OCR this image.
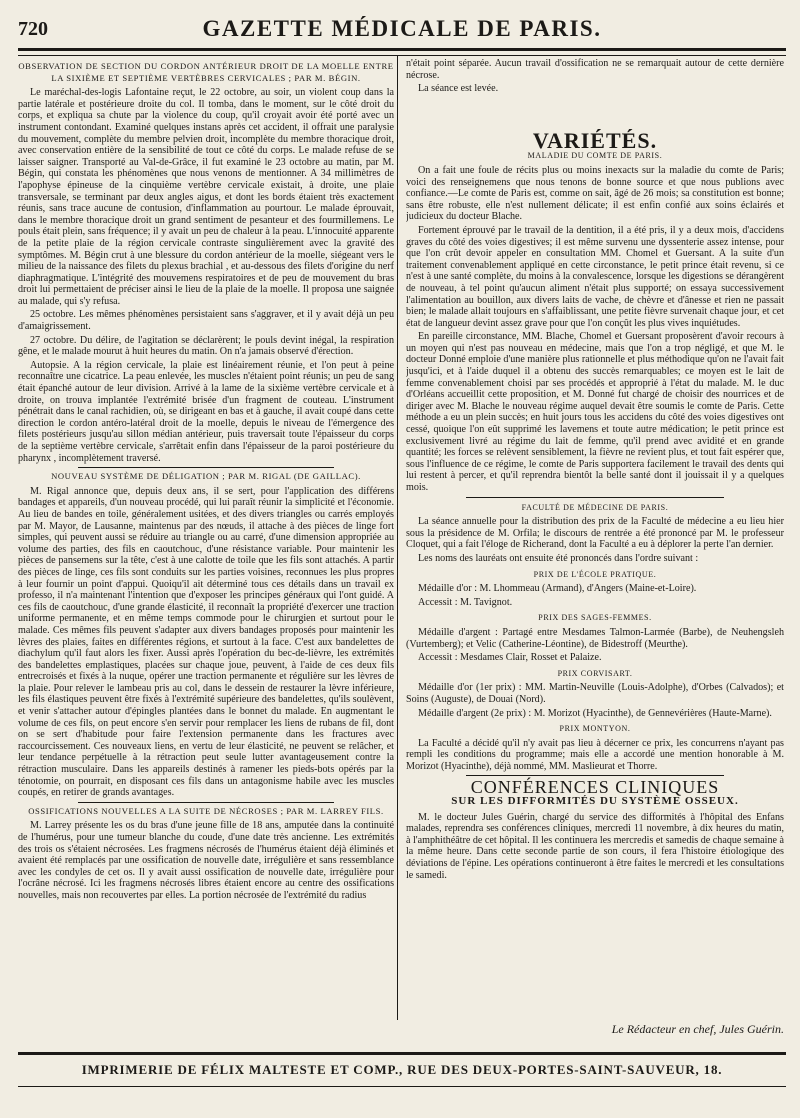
720	GAZETTE MÉDICALE DE PARIS.
OBSERVATION DE SECTION DU CORDON ANTÉRIEUR DROIT DE LA MOELLE ENTRE LA SIXIÈME ET SEPTIÈME VERTÈBRES CERVICALES ; PAR M. BÉGIN.

Le maréchal-des-logis Lafontaine reçut, le 22 octobre, au soir, un violent coup dans la partie latérale et postérieure droite du col. Il tomba, dans le moment, sur le côté droit du corps, et expliqua sa chute par la violence du coup, qu'il croyait avoir été porté avec un instrument contondant. Examiné quelques instans après cet accident, il offrait une paralysie du mouvement, complète du membre pelvien droit, incomplète du membre thoracique droit, avec conservation entière de la sensibilité de tout ce côté du corps. Le malade refuse de se laisser saigner. Transporté au Val-de-Grâce, il fut examiné le 23 octobre au matin, par M. Bégin, qui constata les phénomènes que nous venons de mentionner. A 34 millimètres de l'apophyse épineuse de la cinquième vertèbre cervicale existait, à droite, une plaie transversale, se terminant par deux angles aigus, et dont les bords étaient très exactement réunis, sans trace aucune de contusion, d'inflammation au pourtour. Le malade éprouvait, dans le membre thoracique droit un grand sentiment de pesanteur et des fourmillemens. Le pouls était plein, sans fréquence; il y avait un peu de chaleur à la peau. L'innocuité apparente de la petite plaie de la région cervicale contraste singulièrement avec la gravité des symptômes. M. Bégin crut à une blessure du cordon antérieur de la moelle, siégeant vers le milieu de la naissance des filets du plexus brachial , et au-dessous des filets d'origine du nerf diaphragmatique. L'intégrité des mouvemens respiratoires et de peu de mouvement du bras droit lui permettaient de préciser ainsi le lieu de la plaie de la moelle. Il proposa une saignée au malade, qui s'y refusa.

25 octobre. Les mêmes phénomènes persistaient sans s'aggraver, et il y avait déjà un peu d'amaigrissement.

27 octobre. Du délire, de l'agitation se déclarèrent; le pouls devint inégal, la respiration gêne, et le malade mourut à huit heures du matin. On n'a jamais observé d'érection.

Autopsie. A la région cervicale, la plaie est linéairement réunie, et l'on peut à peine reconnaître une cicatrice. La peau enlevée, les muscles n'étaient point réunis; un peu de sang était épanché autour de leur division. Arrivé à la lame de la sixième vertèbre cervicale et à droite, on trouva implantée l'extrémité brisée d'un fragment de couteau. L'instrument pénétrait dans le canal rachidien, où, se dirigeant en bas et à gauche, il avait coupé dans cette direction le cordon antéro-latéral droit de la moelle, depuis le niveau de l'émergence des filets postérieurs jusqu'au sillon médian antérieur, puis traversait toute l'épaisseur du corps de la septième vertèbre cervicale, s'arrêtait enfin dans l'épaisseur de la paroi postérieure du pharynx , incomplètement traversé.

NOUVEAU SYSTÈME DE DÉLIGATION ; PAR M. RIGAL (DE GAILLAC).

M. Rigal annonce que, depuis deux ans, il se sert, pour l'application des différens bandages et appareils, d'un nouveau procédé, qui lui paraît réunir la simplicité et l'économie. Au lieu de bandes en toile, généralement usitées, et des divers triangles ou carrés employés par M. Mayor, de Lausanne, maintenus par des nœuds, il attache à des pièces de linge fort simples, qui peuvent aussi se réduire au triangle ou au carré, d'une dimension appropriée au volume des parties, des fils en caoutchouc, d'une résistance variable. Pour maintenir les pièces de pansemens sur la tête, c'est à une calotte de toile que les fils sont attachés. A partir des pièces de linge, ces fils sont conduits sur les parties voisines, reconnues les plus propres à leur fournir un point d'appui. Quoiqu'il ait déterminé tous ces détails dans un travail ex professo, il n'a maintenant l'intention que d'exposer les principes généraux qui l'ont guidé. A ces fils de caoutchouc, d'une grande élasticité, il reconnaît la propriété d'exercer une traction uniforme permanente, et en même temps commode pour le chirurgien et surtout pour le malade. Ces mêmes fils peuvent s'adapter aux divers bandages proposés pour maintenir les lèvres des plaies, faites en différentes régions, et surtout à la face. C'est aux bandelettes de diachylum qu'il faut alors les fixer. Aussi après l'opération du bec-de-lièvre, les extrémités des bandelettes emplastiques, placées sur chaque joue, peuvent, à l'aide de ces deux fils entrecroisés et fixés à la nuque, opérer une traction permanente et régulière sur les lèvres de la plaie. Pour relever le lambeau pris au col, dans le dessein de restaurer la lèvre inférieure, les fils élastiques peuvent être fixés à l'extrémité supérieure des bandelettes, qu'ils soulèvent, et venir s'attacher autour d'épingles plantées dans le bonnet du malade. En augmentant le volume de ces fils, on peut encore s'en servir pour remplacer les liens de rubans de fil, dont on se sert d'habitude pour faire l'extension permanente dans les fractures avec raccourcissement. Ces nouveaux liens, en vertu de leur élasticité, ne peuvent se relâcher, et leur tendance perpétuelle à la rétraction peut seule lutter avantageusement contre la rétraction musculaire. Dans les appareils destinés à ramener les pieds-bots opérés par la ténotomie, on pourrait, en disposant ces fils dans un antagonisme habile avec les muscles coupés, en retirer de grands avantages.

OSSIFICATIONS NOUVELLES A LA SUITE DE NÉCROSES ; PAR M. LARREY FILS.

M. Larrey présente les os du bras d'une jeune fille de 18 ans, amputée dans la continuité de l'humérus, pour une tumeur blanche du coude, d'une date très ancienne. Les extrémités des trois os s'étaient nécrosées. Les fragmens nécrosés de l'humérus étaient déjà éliminés et avaient été remplacés par une ossification de nouvelle date, irrégulière et sans ressemblance avec les condyles de cet os. Il y avait aussi ossification de nouvelle date, irrégulière pour l'ocrâne nécrosé. Ici les fragmens nécrosés libres étaient encore au centre des ossifications nouvelles, mais non recouvertes par elles. La portion nécrosée de l'extrémité du radius

n'était point séparée. Aucun travail d'ossification ne se remarquait autour de cette dernière nécrose.

La séance est levée.

VARIÉTÉS.
MALADIE DU COMTE DE PARIS.

On a fait une foule de récits plus ou moins inexacts sur la maladie du comte de Paris; voici des renseignemens que nous tenons de bonne source et que nous publions avec confiance.—Le comte de Paris est, comme on sait, âgé de 26 mois; sa constitution est bonne; sans être robuste, elle n'est nullement délicate; il est enfin confié aux soins éclairés et judicieux du docteur Blache.

Fortement éprouvé par le travail de la dentition, il a été pris, il y a deux mois, d'accidens graves du côté des voies digestives; il est même survenu une dyssenterie assez intense, pour que l'on crût devoir appeler en consultation MM. Chomel et Guersant. A la suite d'un traitement convenablement appliqué en cette circonstance, le petit prince était revenu, si ce n'est à une santé complète, du moins à la convalescence, lorsque les digestions se dérangèrent de nouveau, à tel point qu'aucun aliment n'était plus supporté; on essaya successivement l'alimentation au bouillon, aux divers laits de vache, de chèvre et d'ânesse et rien ne passait bien; le malade allait toujours en s'affaiblissant, une petite fièvre survenait chaque jour, et cet état de langueur devint assez grave pour que l'on conçût les plus vives inquiétudes.

En pareille circonstance, MM. Blache, Chomel et Guersant proposèrent d'avoir recours à un moyen qui n'est pas nouveau en médecine, mais que l'on a trop négligé, et que M. le docteur Donné emploie d'une manière plus rationnelle et plus méthodique qu'on ne l'avait fait jusqu'ici, et à l'aide duquel il a obtenu des succès remarquables; ce moyen est le lait de femme convenablement choisi par ses procédés et approprié à l'état du malade. M. le duc d'Orléans accueillit cette proposition, et M. Donné fut chargé de choisir des nourrices et de diriger avec M. Blache le nouveau régime auquel devait être soumis le comte de Paris. Cette méthode a eu un plein succès; en huit jours tous les accidens du côté des voies digestives ont cessé, quoique l'on eût supprimé les lavemens et toute autre médication; le petit prince est exclusivement livré au régime du lait de femme, qu'il prend avec avidité et en grande quantité; les forces se relèvent sensiblement, la fièvre ne revient plus, et tout fait espérer que, sous l'influence de ce régime, le comte de Paris supportera facilement le travail des dents qui lui restent à percer, et qu'il reprendra bientôt la belle santé dont il jouissait il y a quelques mois.

FACULTÉ DE MÉDECINE DE PARIS.

La séance annuelle pour la distribution des prix de la Faculté de médecine a eu lieu hier sous la présidence de M. Orfila; le discours de rentrée a été prononcé par M. le professeur Cloquet, qui a fait l'éloge de Richerand, dont la Faculté a eu à déplorer la perte l'an dernier.

Les noms des lauréats ont ensuite été prononcés dans l'ordre suivant :

PRIX DE L'ÉCOLE PRATIQUE.

Médaille d'or : M. Lhommeau (Armand), d'Angers (Maine-et-Loire).

Accessit : M. Tavignot.

PRIX DES SAGES-FEMMES.

Médaille d'argent : Partagé entre Mesdames Talmon-Larmée (Barbe), de Neuhengsleh (Vurtemberg); et Velic (Catherine-Léontine), de Bidestroff (Meurthe).

Accessit : Mesdames Clair, Rosset et Palaize.

PRIX CORVISART.

Médaille d'or (1er prix) : MM. Martin-Neuville (Louis-Adolphe), d'Orbes (Calvados); et Soins (Auguste), de Douai (Nord).

Médaille d'argent (2e prix) : M. Morizot (Hyacinthe), de Gennevérières (Haute-Marne).

PRIX MONTYON.

La Faculté a décidé qu'il n'y avait pas lieu à décerner ce prix, les concurrens n'ayant pas rempli les conditions du programme; mais elle a accordé une mention honorable à M. Morizot (Hyacinthe), déjà nommé, MM. Maslieurat et Thorre.

CONFÉRENCES CLINIQUES
SUR LES DIFFORMITÉS DU SYSTÈME OSSEUX.

M. le docteur Jules Guérin, chargé du service des difformités à l'hôpital des Enfans malades, reprendra ses conférences cliniques, mercredi 11 novembre, à dix heures du matin, à l'amphithéâtre de cet hôpital. Il les continuera les mercredis et samedis de chaque semaine à la même heure. Dans cette seconde partie de son cours, il fera l'histoire étiologique des déviations de l'épine. Les opérations continueront à être faites le mercredi et les consultations le samedi.

Le Rédacteur en chef, Jules Guérin.
IMPRIMERIE DE FÉLIX MALTESTE ET COMP., RUE DES DEUX-PORTES-SAINT-SAUVEUR, 18.
